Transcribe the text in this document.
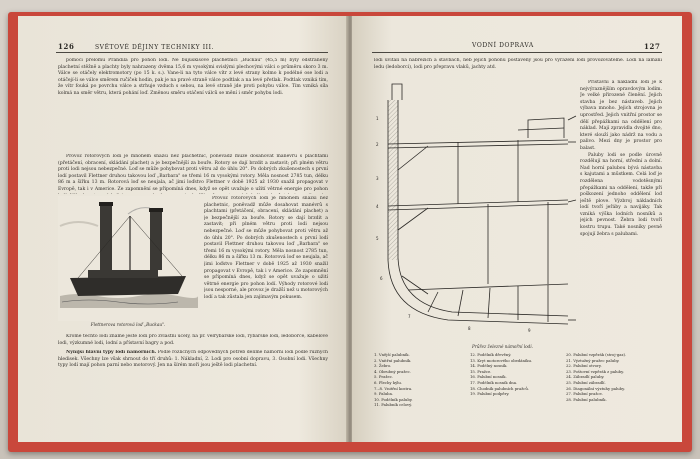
126	SVĚTOVÉ DĚJINY TECHNIKY III.

pomocí přelomu Prandila pro pohon lodí. Ne bujuškisové plachetnici „Buckau" (45,5 m) byly odstraněny plachetní stěžně a plachty byly nahrazeny dvěma 15,6 m vysokými svislými plechovými válci o průměru skoro 3 m. Válce se otáčely elektromotory (po 15 k. s.). Vane-li na tyto válce vítr z levé strany kolmo k podélné ose lodi a otáčejí-li se válce směrem ručiček hodin, pak je na pravé straně válce podtlak a na levé přetlak. Podtlak vzniká tím, že vítr fouká po povrchu válce a strhuje vzduch s sebou, na levé straně jde proti pohybu válce. Tím vzniká síla kolmá na směr větru, která pohání loď. Změnou směru otáčení válců se mění i směr pohybu lodi.

Provoz rotorových lodí je mnohem snazší než plachetnic, poněvadž může dosahovat manévrů s plachtami (přetáčení, obracení, skládání plachet) a je bezpečnější za bouře. Rotory se dají brzdit a zastavit; při plném větru proti lodi nejsou nebezpečné. Loď se může pohybovat proti větru až do úhlu 20°. Po dobrých zkušenostech s první lodí postavil Flettner druhou takovou loď „Barbara" se třemi 16 m vysokými rotory. Měla nosnost 2785 tun, délku 86 m a šířku 13 m. Rotorová loď se neujala, ač jimi loďstvo Flettner v době 1925 až 1930 snažil propagovat v Evropě, tak i v Americe. Ze zapomnění se připomíná dnes, když se opět uvažuje o užití větrné energie pro pohon

Flettnerova rotorová loď „Buckau".

Provoz rotorových lodí je mnohem snazší než plachetnic, poněvadž může dosahovat manévrů s plachtami (přetáčení, obracení, skládání plachet) a je bezpečnější za bouře. Rotory se dají brzdit a zastavit; při plném větru proti lodi nejsou nebezpečné. Loď se může pohybovat proti větru až do úhlu 20°. Po dobrých zkušenostech s první lodí postavil Flettner druhou takovou loď „Barbara" se třemi 16 m vysokými rotory. Měla nosnost 2785 tun, délku 86 m a šířku 13 m. Rotorová loď se neujala, ač jimi loďstvo Flettner v době 1925 až 1930 snažil propagovat v Evropě, tak i v Americe. Ze zapomnění se připomíná dnes, když se opět uvažuje o užití větrné energie pro pohon lodí. Výhody rotorové lodi jsou nesporné, ale provoz je dražší než u motorových lodí a tak zůstala jen zajímavým pokusem.

Kromě těchto lodí známe ještě lodi pro zvláštní účely, na př. velrybářské lodi, rybářské lodi, ledoborce, kabelové lodi, výzkumné lodi, lodní a přístavní bagry a pod.

Nyníjší hlavní typy lodí námořních. Podle rozličných odpovědných potřeb dělíme námořní lodi podle různých hledisek. Všechny lze však shrnout do tří druhů: 1. Nákladní, 2. Lodi pro osobní dopravu, 3. Osobní lodi. Všechny typy lodí mají pohon parní nebo motorový. Jen na šírém moři jsou ještě lodi plachetní.

VODNÍ DOPRAVA	127

lodi uvítali na nábřežích a stavbách, neb jejich pohonu postaveny jsou pro vyřazení lodí provozovatelné. Lodi na lámání ledu (ledoborci), lodi pro přepravu vlaků, jachty atd.

1
2
3
4
5
6
7
8	9

Přístavní a nákladní lodi je k nejvýraznějším opravdovým lodím. Je velké přirozené členění. Jejich stavba je bez nástaveb. Jejich výbava mnoho. Jejich strojovna je uprostřed. Jejich vnitřní prostor se dělí přepážkami na oddělení pro náklad. Mají zpravidla dvojité dno, které slouží jako nádrž na vodu a palivo. Mezi dny je prostor pro balast.

Paluby lodi se podle úrovně rozdělují na horní, střední a dolní. Nad horní palubou bývá nástavba s kajutami a můstkem. Celá loď je rozdělena vodotěsnými přepážkami na oddělení, takže při poškození jednoho oddělení loď ještě plove. Výzbroj nákladních lodí tvoří jeřáby a navijáky. Tak vzniká výška lodních nosníků a jejich pevnost. Žebra lodi tvoří kostru trupu. Také nosníky pevně spojují žebra s palubami.

Průřez železné námořní lodi.
1. Vnější palubník.
2. Vnitřní palubník.
3. Žebro.
4. Obrubný pražec.
5. Pražec.
6. Plechy kýlu.
7.–8. Vnitřní kostra.
9. Paluba.
10. Podélník paluby.
11. Palubník celový.
12. Podélník dřevěný.
13. Kryt motorového obedáníku.
14. Podélný nosník.
15. Pražce.
16. Palubní nosník.
17. Podélník nosník dna.
18. Chodník palubních pražců.
19. Palubní podpěry.
20. Palubní vzpěrák (stroj-gaz).
21. Výztužný pražec paluby.
22. Palubní otvory.
23. Poštovní vzpěrák z paluby.
24. Zábradlí paluby.
25. Palubní zábradlí.
26. Diagonální výztuhy paluby.
27. Palubní pražce.
28. Palubní palubník.
